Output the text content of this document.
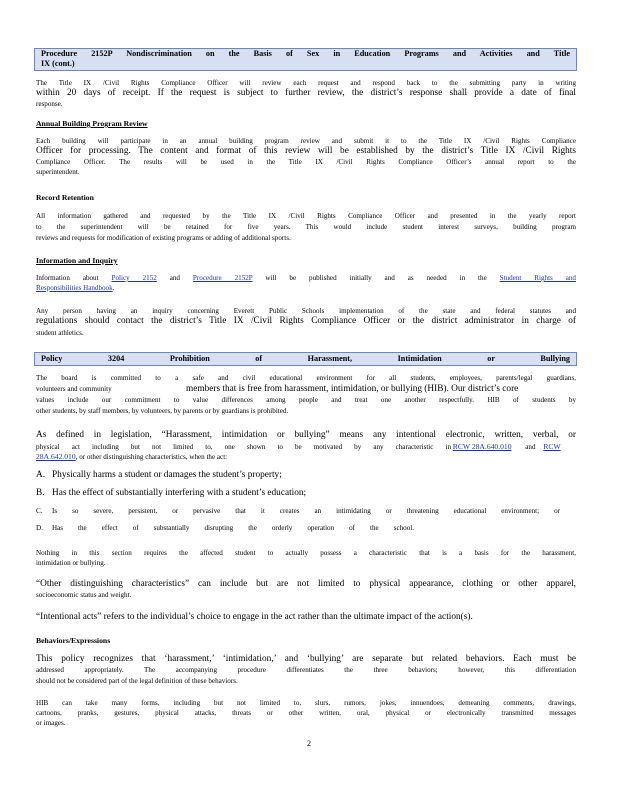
Procedure 2152P Nondiscrimination on the Basis of Sex in Education Programs and Activities and Title
IX (cont.)
The Title IX /Civil Rights Compliance Officer will review each request and respond back to the submitting party in writing
within 20 days of receipt. If the request is subject to further review, the district’s response shall provide a date of final
response.
Annual Building Program Review
Each building will participate in an annual building program review and submit it to the Title IX /Civil Rights Compliance
Officer for processing. The content and format of this review will be established by the district’s Title IX /Civil Rights
Compliance Officer. The results will be used in the Title IX /Civil Rights Compliance Officer’s annual report to the
superintendent.
Record Retention
All information gathered and requested by the Title IX /Civil Rights Compliance Officer and presented in the yearly report
to the superintendent will be retained for five years. This would include student interest surveys, building program
reviews and requests for modification of existing programs or adding of additional sports.
Information and Inquiry
Information about Policy 2152 and Procedure 2152P will be published initially and as needed in the Student Rights and
Responsibilities Handbook.
Any person having an inquiry concerning Everett Public Schools implementation of the state and federal statutes and
regulations should contact the district’s Title IX /Civil Rights Compliance Officer or the district administrator in charge of
student athletics.
Policy 3204 Prohibition of Harassment, Intimidation or Bullying
The board is committed to a safe and civil educational environment for all students, employees, parents/legal guardians,
volunteers and community	members that is free from harassment, intimidation, or bullying (HIB). Our district’s core
values include our commitment to value differences among people and treat one another respectfully. HIB of students by
other students, by staff members, by volunteers, by parents or by guardians is prohibited.
As defined in legislation, “Harassment, intimidation or bullying” means any intentional electronic, written, verbal, or
physical act including but not limited to, one shown to be motivated by any characteristic in RCW 28A.640.010 and RCW
28A.642.010, or other distinguishing characteristics, when the act:
A. Physically harms a student or damages the student’s property;
B. Has the effect of substantially interfering with a student’s education;
C. Is so severe, persistent, or pervasive that it creates an intimidating or threatening educational environment; or
D. Has the effect of substantially disrupting the orderly operation of the school.
Nothing in this section requires the affected student to actually possess a characteristic that is a basis for the harassment,
intimidation or bullying.
“Other distinguishing characteristics” can include but are not limited to physical appearance, clothing or other apparel,
socioeconomic status and weight.
“Intentional acts” refers to the individual’s choice to engage in the act rather than the ultimate impact of the action(s).
Behaviors/Expressions
This policy recognizes that ‘harassment,’ ‘intimidation,’ and ‘bullying’ are separate but related behaviors. Each must be
addressed appropriately. The accompanying procedure differentiates the three behaviors; however, this differentiation
should not be considered part of the legal definition of these behaviors.
HIB can take many forms, including but not limited to, slurs, rumors, jokes, innuendoes, demeaning comments, drawings,
cartoons, pranks, gestures, physical attacks, threats or other written, oral, physical or electronically transmitted messages
or images.
2
